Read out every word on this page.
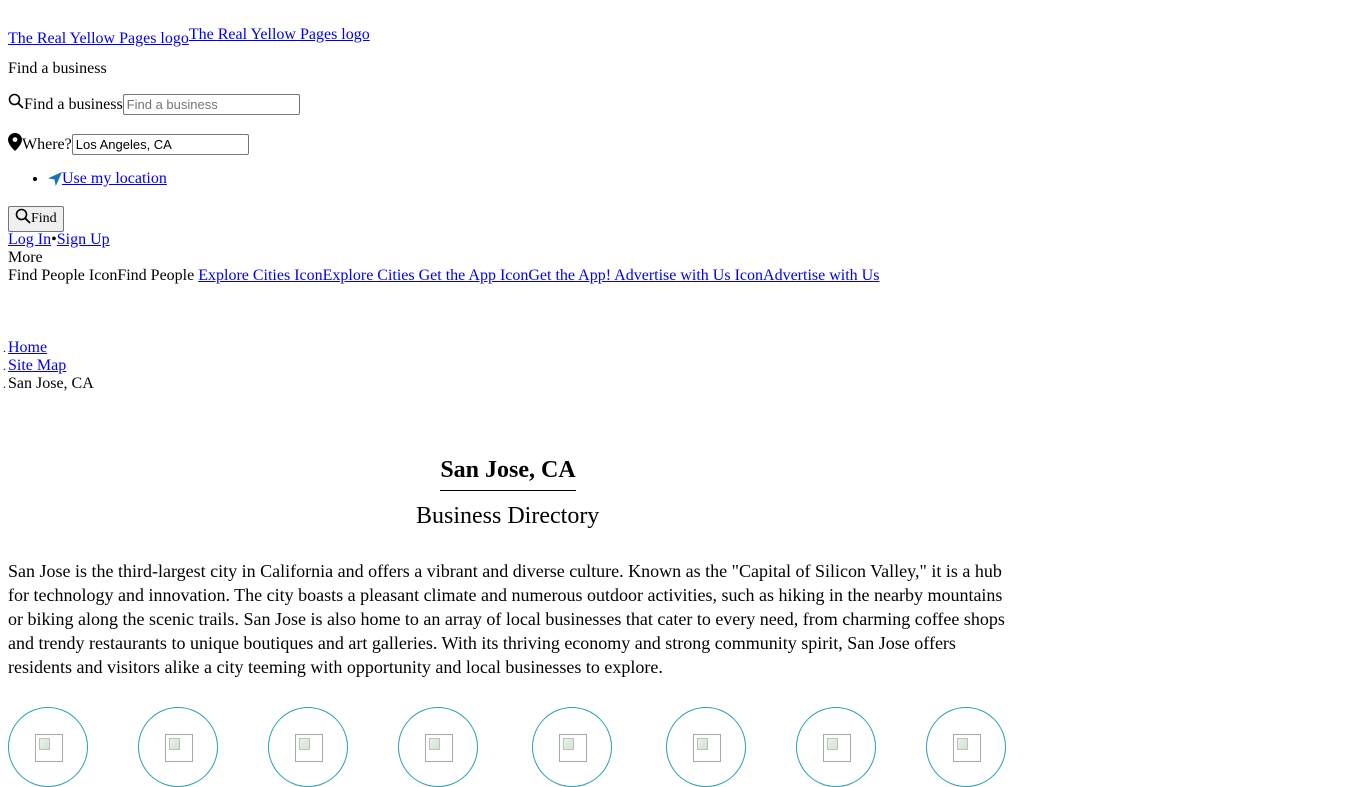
The Real Yellow Pages logo The Real Yellow Pages logo
Find a business
Find a business
Find a business
Where?
Los Angeles, CA
• Use my location
Find
Log In•Sign Up
More
Find People IconFind People Explore Cities IconExplore Cities Get the App IconGet the App! Advertise with Us IconAdvertise with Us
. Home
. Site Map
. San Jose, CA
San Jose, CA
Business Directory
San Jose is the third-largest city in California and offers a vibrant and diverse culture. Known as the "Capital of Silicon Valley," it is a hub for technology and innovation. The city boasts a pleasant climate and numerous outdoor activities, such as hiking in the nearby mountains or biking along the scenic trails. San Jose is also home to an array of local businesses that cater to every need, from charming coffee shops and trendy restaurants to unique boutiques and art galleries. With its thriving economy and strong community spirit, San Jose offers residents and visitors alike a city teeming with opportunity and local businesses to explore.
